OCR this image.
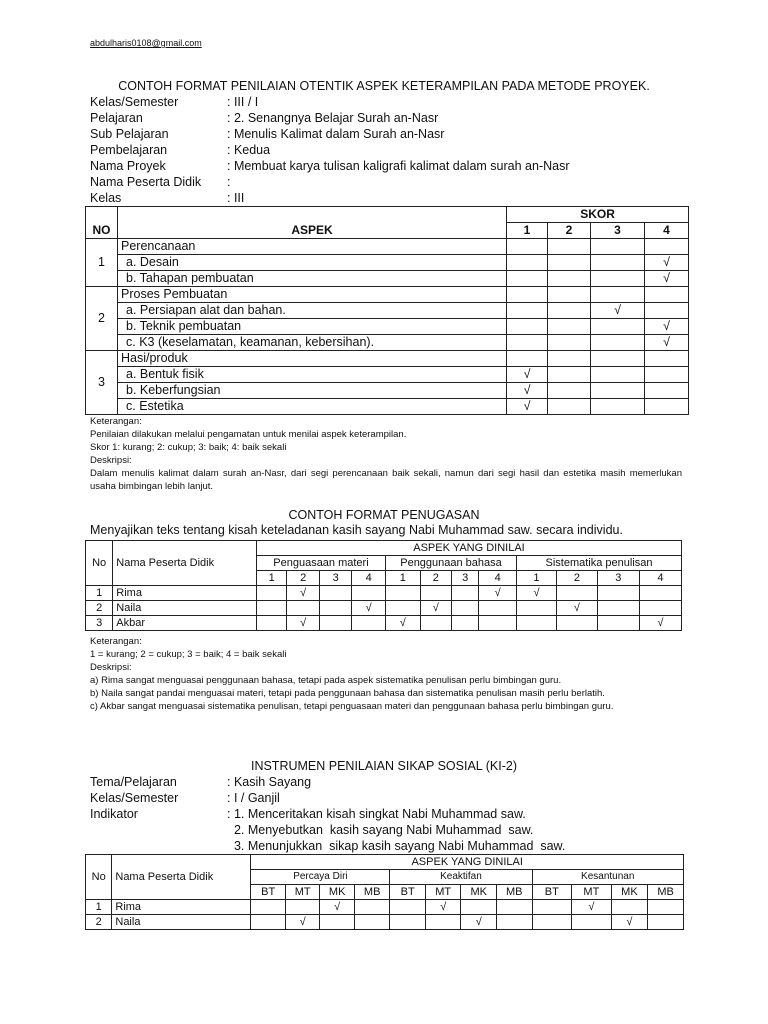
abdulharis0108@gmail.com
CONTOH FORMAT PENILAIAN OTENTIK ASPEK KETERAMPILAN PADA METODE PROYEK.
Kelas/Semester	: III / I
Pelajaran	: 2. Senangnya Belajar Surah an-Nasr
Sub Pelajaran	: Menulis Kalimat dalam Surah an-Nasr
Pembelajaran	: Kedua
Nama Proyek	: Membuat karya tulisan kaligrafi kalimat dalam surah an-Nasr
Nama Peserta Didik :
Kelas	: III
		SKOR			
NO	ASPEK	1	2	3	4
1	Perencanaan				
	a. Desain				√
	b. Tahapan pembuatan				√
2	Proses Pembuatan				
	a. Persiapan alat dan bahan.			√	
	b. Teknik pembuatan				√
	c. K3 (keselamatan, keamanan, kebersihan).				√
3	Hasi/produk				
	a. Bentuk fisik	√			
	b. Keberfungsian	√			
	c. Estetika	√			
Keterangan:
Penilaian dilakukan melalui pengamatan untuk menilai aspek keterampilan.
Skor 1: kurang; 2: cukup; 3: baik; 4: baik sekali
Deskripsi:
Dalam menulis kalimat dalam surah an-Nasr, dari segi perencanaan baik sekali, namun dari segi hasil dan estetika masih memerlukan usaha bimbingan lebih lanjut.
CONTOH FORMAT PENUGASAN
Menyajikan teks tentang kisah keteladanan kasih sayang Nabi Muhammad saw. secara individu.
No	Nama Peserta Didik	ASPEK YANG DINILAI											
		Penguasaan materi				Penggunaan bahasa				Sistematika penulisan			
		1	2	3	4	1	2	3	4	1	2	3	4
1	Rima		√						√	√			
2	Naila				√		√				√		
3	Akbar		√			√							√
Keterangan:
1 = kurang; 2 = cukup; 3 = baik; 4 = baik sekali
Deskripsi:
a) Rima sangat menguasai penggunaan bahasa, tetapi pada aspek sistematika penulisan perlu bimbingan guru.
b) Naila sangat pandai menguasai materi, tetapi pada penggunaan bahasa dan sistematika penulisan masih perlu berlatih.
c) Akbar sangat menguasai sistematika penulisan, tetapi penguasaan materi dan penggunaan bahasa perlu bimbingan guru.
INSTRUMEN PENILAIAN SIKAP SOSIAL (KI-2)
Tema/Pelajaran	: Kasih Sayang
Kelas/Semester	: I / Ganjil
Indikator	: 1. Menceritakan kisah singkat Nabi Muhammad saw.
2. Menyebutkan  kasih sayang Nabi Muhammad  saw.
3. Menunjukkan  sikap kasih sayang Nabi Muhammad  saw.
No	Nama Peserta Didik	ASPEK YANG DINILAI											
		Percaya Diri				Keaktifan				Kesantunan			
		BT	MT	MK	MB	BT	MT	MK	MB	BT	MT	MK	MB
1	Rima			√			√				√		
2	Naila		√					√				√	
